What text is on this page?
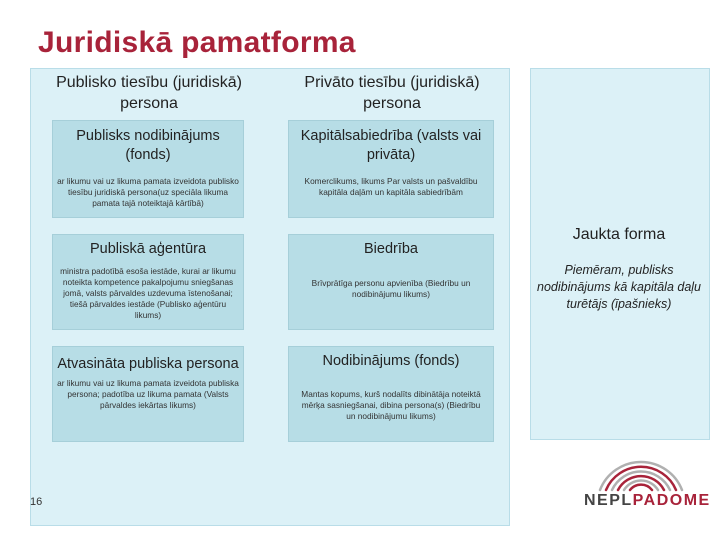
Juridiskā pamatforma
Publisko tiesību (juridiskā) persona
Privāto tiesību (juridiskā) persona
Publisks nodibinājums (fonds)
ar likumu vai uz likuma pamata izveidota publisko tiesību juridiskā persona(uz speciāla likuma pamata tajā noteiktajā kārtībā)
Kapitālsabiedrība (valsts vai privāta)
Komerclikums, likums Par valsts un pašvaldību kapitāla daļām un kapitāla sabiedrībām
Publiskā aģentūra
ministra padotībā esoša iestāde, kurai ar likumu noteikta kompetence pakalpojumu sniegšanas jomā, valsts pārvaldes uzdevuma īstenošanai; tiešā pārvaldes iestāde (Publisko aģentūru likums)
Biedrība
Brīvprātīga personu apvienība (Biedrību un nodibinājumu likums)
Atvasināta publiska persona
ar likumu vai uz likuma pamata izveidota publiska persona; padotība uz likuma pamata (Valsts pārvaldes iekārtas likums)
Nodibinājums (fonds)
Mantas kopums, kurš nodalīts dibinātāja noteiktā mērķa sasniegšanai, dibina persona(s) (Biedrību un nodibinājumu likums)
Jaukta forma
Piemēram, publisks nodibinājums kā kapitāla daļu turētājs (īpašnieks)
16	NEPLPADOME
